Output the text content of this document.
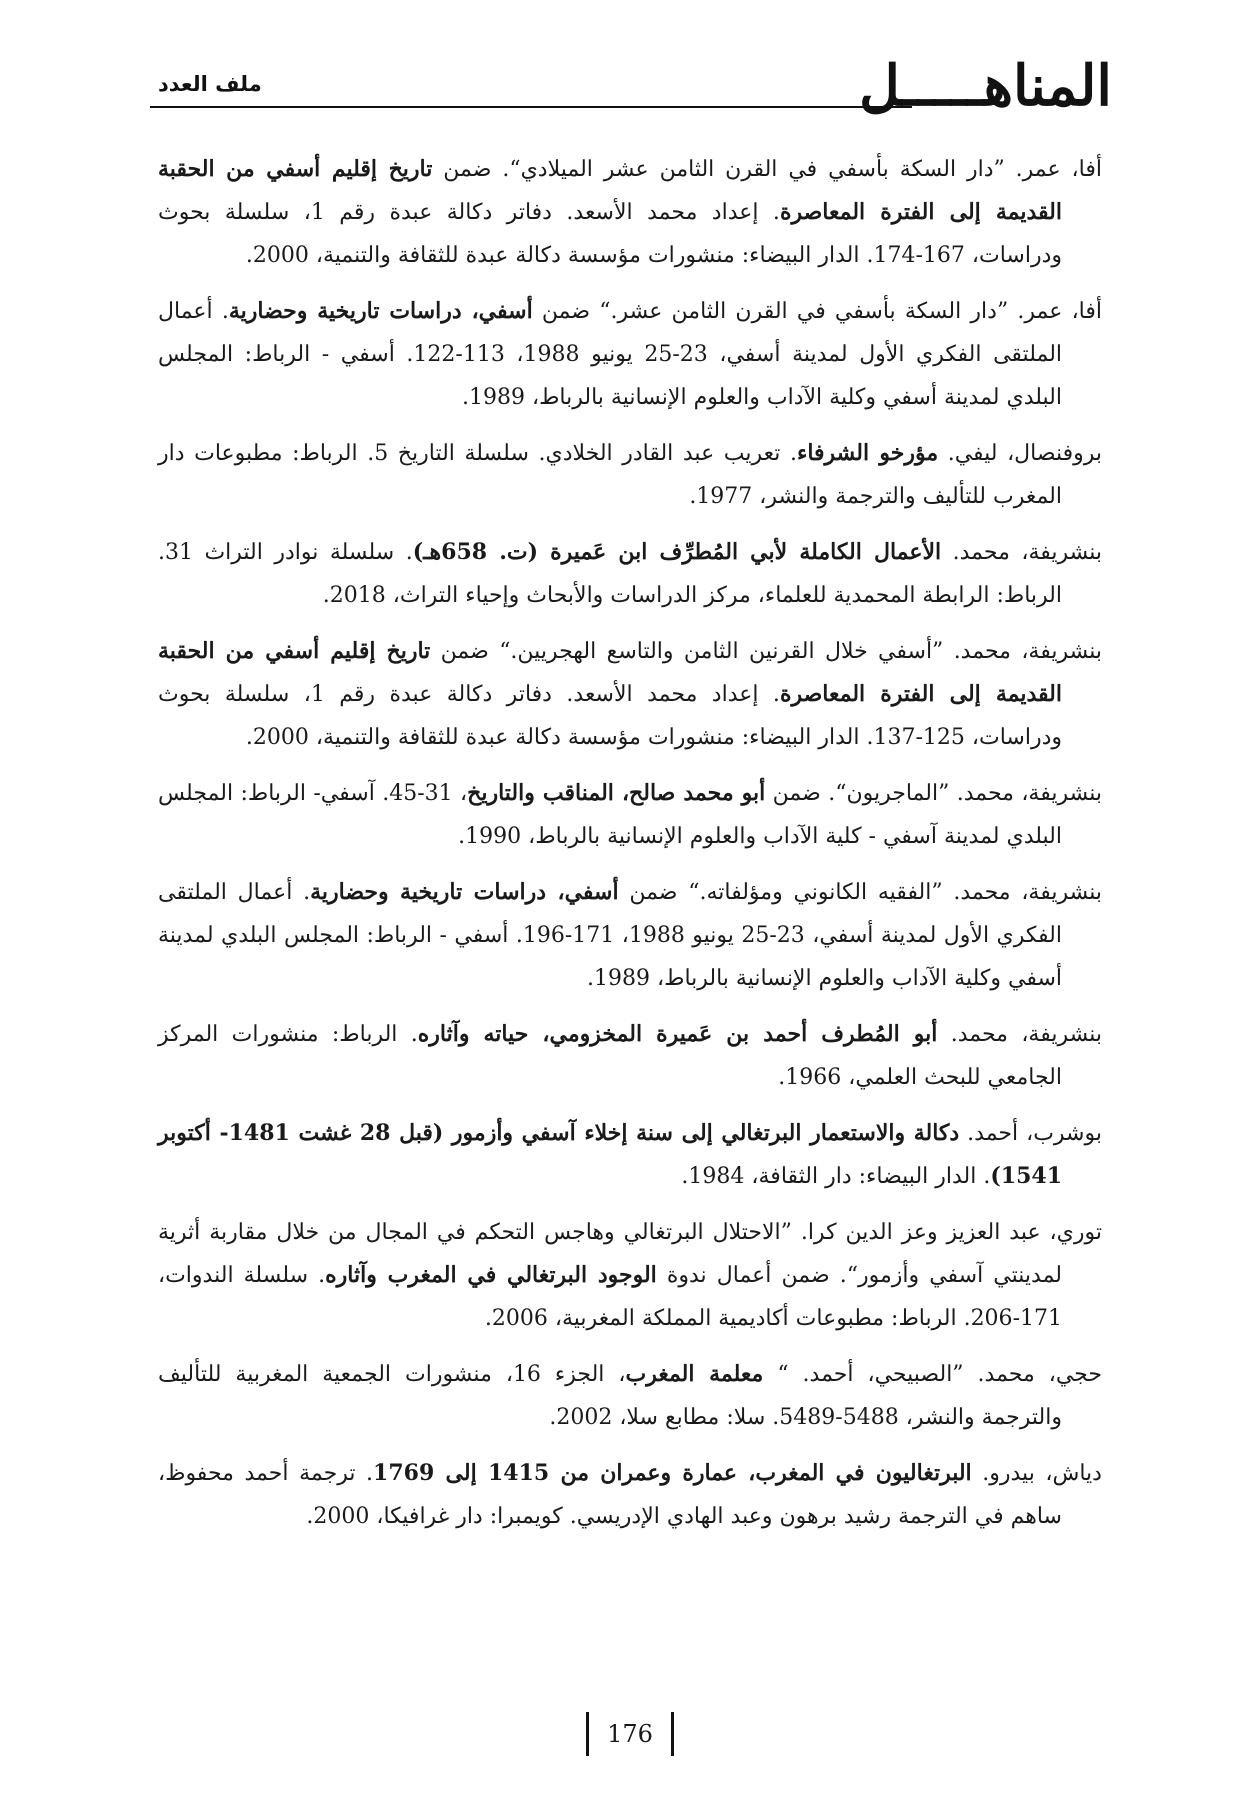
المناهـــــل
ملف العدد

أفا، عمر. ”دار السكة بأسفي في القرن الثامن عشر الميلادي“. ضمن تاريخ إقليم أسفي من الحقبة القديمة إلى الفترة المعاصرة. إعداد محمد الأسعد. دفاتر دكالة عبدة رقم 1، سلسلة بحوث ودراسات، 167-174. الدار البيضاء: منشورات مؤسسة دكالة عبدة للثقافة والتنمية، 2000.

أفا، عمر. ”دار السكة بأسفي في القرن الثامن عشر.“ ضمن أسفي، دراسات تاريخية وحضارية. أعمال الملتقى الفكري الأول لمدينة أسفي، 23-25 يونيو 1988، 113-122. أسفي - الرباط: المجلس البلدي لمدينة أسفي وكلية الآداب والعلوم الإنسانية بالرباط، 1989.

بروفنصال، ليفي. مؤرخو الشرفاء. تعريب عبد القادر الخلادي. سلسلة التاريخ 5. الرباط: مطبوعات دار المغرب للتأليف والترجمة والنشر، 1977.

بنشريفة، محمد. الأعمال الكاملة لأبي المُطرِّف ابن عَميرة (ت. 658هـ). سلسلة نوادر التراث 31. الرباط: الرابطة المحمدية للعلماء، مركز الدراسات والأبحاث وإحياء التراث، 2018.

بنشريفة، محمد. ”أسفي خلال القرنين الثامن والتاسع الهجريين.“ ضمن تاريخ إقليم أسفي من الحقبة القديمة إلى الفترة المعاصرة. إعداد محمد الأسعد. دفاتر دكالة عبدة رقم 1، سلسلة بحوث ودراسات، 125-137. الدار البيضاء: منشورات مؤسسة دكالة عبدة للثقافة والتنمية، 2000.

بنشريفة، محمد. ”الماجريون“. ضمن أبو محمد صالح، المناقب والتاريخ، 31-45. آسفي- الرباط: المجلس البلدي لمدينة آسفي - كلية الآداب والعلوم الإنسانية بالرباط، 1990.

بنشريفة، محمد. ”الفقيه الكانوني ومؤلفاته.“ ضمن أسفي، دراسات تاريخية وحضارية. أعمال الملتقى الفكري الأول لمدينة أسفي، 23-25 يونيو 1988، 171-196. أسفي - الرباط: المجلس البلدي لمدينة أسفي وكلية الآداب والعلوم الإنسانية بالرباط، 1989.

بنشريفة، محمد. أبو المُطرف أحمد بن عَميرة المخزومي، حياته وآثاره. الرباط: منشورات المركز الجامعي للبحث العلمي، 1966.

بوشرب، أحمد. دكالة والاستعمار البرتغالي إلى سنة إخلاء آسفي وأزمور (قبل 28 غشت 1481- أكتوبر 1541). الدار البيضاء: دار الثقافة، 1984.

توري، عبد العزيز وعز الدين كرا. ”الاحتلال البرتغالي وهاجس التحكم في المجال من خلال مقاربة أثرية لمدينتي آسفي وأزمور“. ضمن أعمال ندوة الوجود البرتغالي في المغرب وآثاره. سلسلة الندوات، 171-206. الرباط: مطبوعات أكاديمية المملكة المغربية، 2006.

حجي، محمد. ”الصبيحي، أحمد. “ معلمة المغرب، الجزء 16، منشورات الجمعية المغربية للتأليف والترجمة والنشر، 5488-5489. سلا: مطابع سلا، 2002.

دياش، بيدرو. البرتغاليون في المغرب، عمارة وعمران من 1415 إلى 1769. ترجمة أحمد محفوظ، ساهم في الترجمة رشيد برهون وعبد الهادي الإدريسي. كويمبرا: دار غرافيكا، 2000.

176
